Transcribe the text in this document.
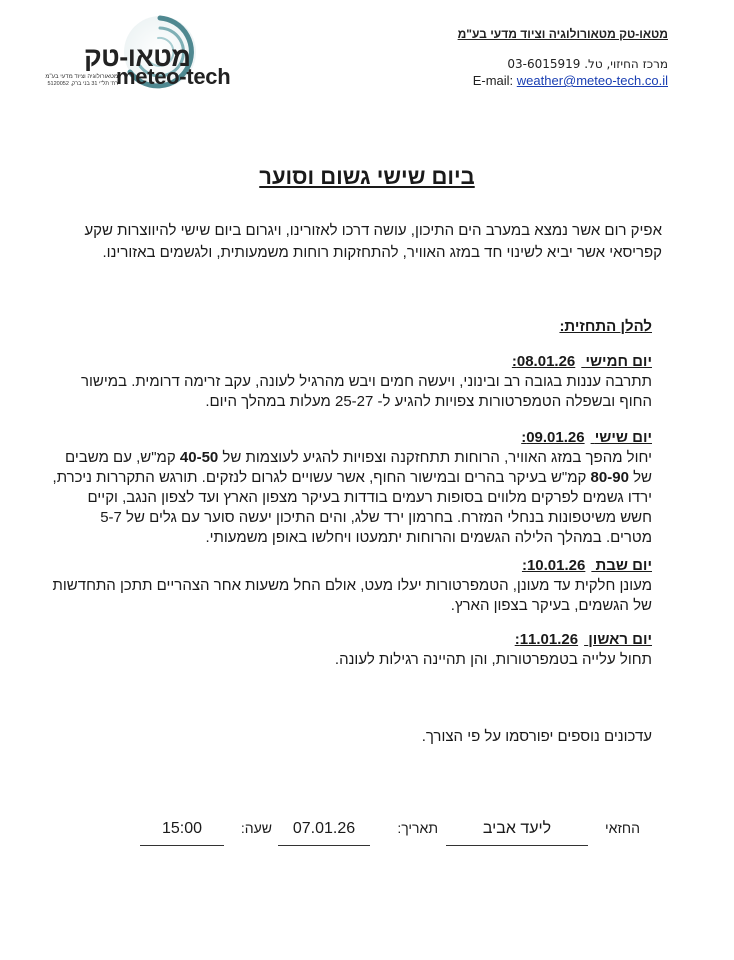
מטאו-טק
meteo-tech
מטאורולוגיה וציוד מדעי בע"מ
רח' תל"י 31 בני ברק, 5120052
מטאו-טק מטאורולוגיה וציוד מדעי בע"מ
מרכז החיזוי, טל. 03-6015919
E-mail: weather@meteo-tech.co.il
ביום שישי גשום וסוער
אפיק רום אשר נמצא במערב הים התיכון, עושה דרכו לאזורינו, ויגרום ביום שישי להיווצרות שקע קפריסאי אשר יביא לשינוי חד במזג האוויר, להתחזקות רוחות משמעותית, ולגשמים באזורינו.
להלן התחזית:
יום חמישי 08.01.26:
תתרבה עננות בגובה רב ובינוני, ויעשה חמים ויבש מהרגיל לעונה, עקב זרימה דרומית. במישור החוף ובשפלה הטמפרטורות צפויות להגיע ל- 25-27 מעלות במהלך היום.
יום שישי 09.01.26:
יחול מהפך במזג האוויר, הרוחות תתחזקנה וצפויות להגיע לעוצמות של 40-50 קמ"ש, עם משבים של 80-90 קמ"ש בעיקר בהרים ובמישור החוף, אשר עשויים לגרום לנזקים. תורגש התקררות ניכרת, ירדו גשמים לפרקים מלווים בסופות רעמים בודדות בעיקר מצפון הארץ ועד לצפון הנגב, וקיים חשש משיטפונות בנחלי המזרח. בחרמון ירד שלג, והים התיכון יעשה סוער עם גלים של 5-7 מטרים. במהלך הלילה הגשמים והרוחות יתמעטו ויחלשו באופן משמעותי.
יום שבת 10.01.26:
מעונן חלקית עד מעונן, הטמפרטורות יעלו מעט, אולם החל משעות אחר הצהריים תתכן התחדשות של הגשמים, בעיקר בצפון הארץ.
יום ראשון 11.01.26:
תחול עלייה בטמפרטורות, והן תהיינה רגילות לעונה.
עדכונים נוספים יפורסמו על פי הצורך.
החזאי
ליעד אביב
תאריך:
07.01.26
שעה:
15:00
